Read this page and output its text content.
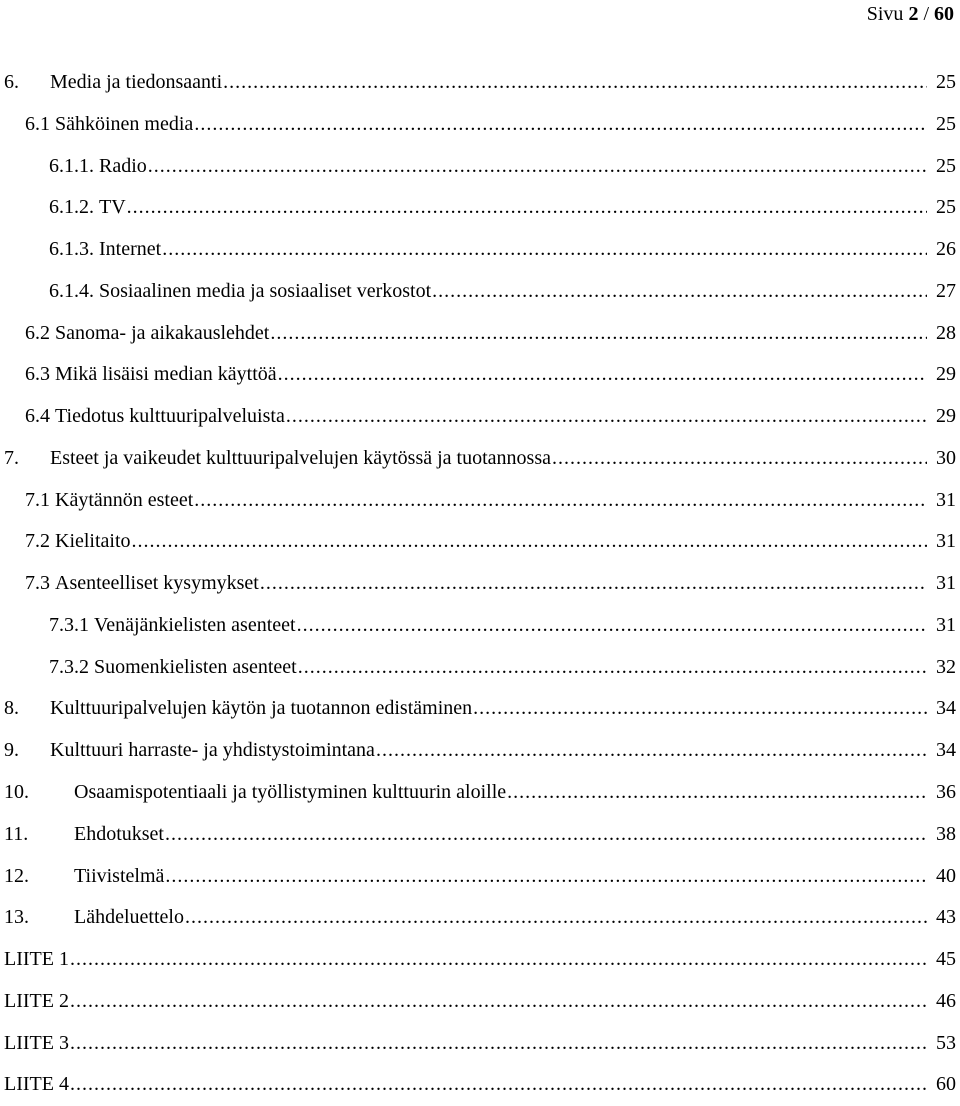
Sivu 2 / 60
6.	Media ja tiedonsaanti .....	25
6.1 Sähköinen media .....	25
6.1.1. Radio .....	25
6.1.2. TV .....	25
6.1.3. Internet .....	26
6.1.4. Sosiaalinen media ja sosiaaliset verkostot .....	27
6.2 Sanoma- ja aikakauslehdet .....	28
6.3 Mikä lisäisi median käyttöä .....	29
6.4 Tiedotus kulttuuripalveluista .....	29
7.	Esteet ja vaikeudet kulttuuripalvelujen käytössä ja tuotannossa .....	30
7.1 Käytännön esteet .....	31
7.2 Kielitaito .....	31
7.3 Asenteelliset kysymykset .....	31
7.3.1 Venäjänkielisten asenteet .....	31
7.3.2 Suomenkielisten asenteet .....	32
8.	Kulttuuripalvelujen käytön ja tuotannon edistäminen .....	34
9.	Kulttuuri harraste- ja yhdistystoimintana .....	34
10.	Osaamispotentiaali ja työllistyminen kulttuurin aloille .....	36
11.	Ehdotukset .....	38
12.	Tiivistelmä .....	40
13.	Lähdeluettelo .....	43
LIITE 1 .....	45
LIITE 2 .....	46
LIITE 3 .....	53
LIITE 4 .....	60
